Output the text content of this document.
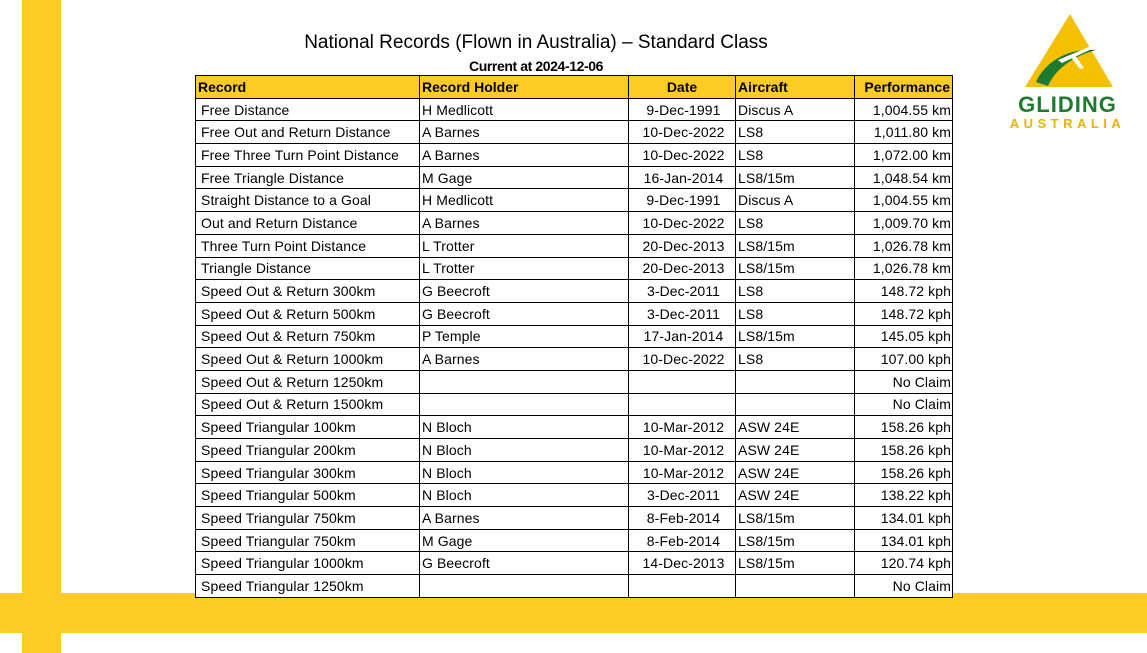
National Records (Flown in Australia) – Standard Class
Current at 2024-12-06
Record	Record Holder	Date	Aircraft	Performance
Free Distance	H Medlicott	9-Dec-1991	Discus A	1,004.55 km
Free Out and Return Distance	A Barnes	10-Dec-2022	LS8	1,011.80 km
Free Three Turn Point Distance	A Barnes	10-Dec-2022	LS8	1,072.00 km
Free Triangle Distance	M Gage	16-Jan-2014	LS8/15m	1,048.54 km
Straight Distance to a Goal	H Medlicott	9-Dec-1991	Discus A	1,004.55 km
Out and Return Distance	A Barnes	10-Dec-2022	LS8	1,009.70 km
Three Turn Point Distance	L Trotter	20-Dec-2013	LS8/15m	1,026.78 km
Triangle Distance	L Trotter	20-Dec-2013	LS8/15m	1,026.78 km
Speed Out & Return 300km	G Beecroft	3-Dec-2011	LS8	148.72 kph
Speed Out & Return 500km	G Beecroft	3-Dec-2011	LS8	148.72 kph
Speed Out & Return 750km	P Temple	17-Jan-2014	LS8/15m	145.05 kph
Speed Out & Return 1000km	A Barnes	10-Dec-2022	LS8	107.00 kph
Speed Out & Return 1250km				No Claim
Speed Out & Return 1500km				No Claim
Speed Triangular 100km	N Bloch	10-Mar-2012	ASW 24E	158.26 kph
Speed Triangular 200km	N Bloch	10-Mar-2012	ASW 24E	158.26 kph
Speed Triangular 300km	N Bloch	10-Mar-2012	ASW 24E	158.26 kph
Speed Triangular 500km	N Bloch	3-Dec-2011	ASW 24E	138.22 kph
Speed Triangular 750km	A Barnes	8-Feb-2014	LS8/15m	134.01 kph
Speed Triangular 750km	M Gage	8-Feb-2014	LS8/15m	134.01 kph
Speed Triangular 1000km	G Beecroft	14-Dec-2013	LS8/15m	120.74 kph
Speed Triangular 1250km				No Claim
GLIDING
AUSTRALIA
